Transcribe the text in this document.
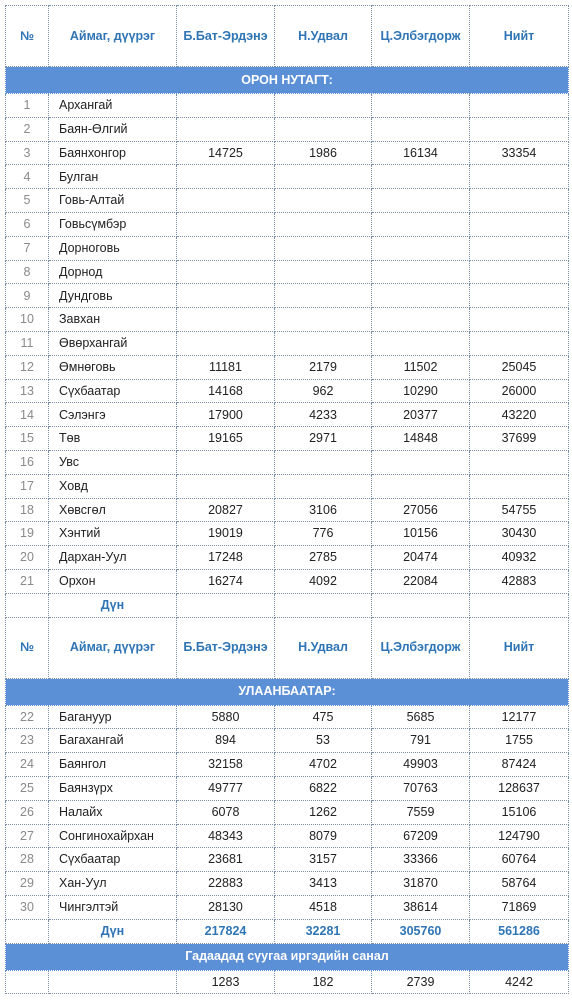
№	Аймаг, дүүрэг	Б.Бат-Эрдэнэ	Н.Удвал	Ц.Элбэгдорж	Нийт
ОРОН НУТАГТ:					
1	Архангай				
2	Баян-Өлгий				
3	Баянхонгор	14725	1986	16134	33354
4	Булган				
5	Говь-Алтай				
6	Говьсүмбэр				
7	Дорноговь				
8	Дорнод				
9	Дундговь				
10	Завхан				
11	Өвөрхангай				
12	Өмнөговь	11181	2179	11502	25045
13	Сүхбаатар	14168	962	10290	26000
14	Сэлэнгэ	17900	4233	20377	43220
15	Төв	19165	2971	14848	37699
16	Увс				
17	Ховд				
18	Хөвсгөл	20827	3106	27056	54755
19	Хэнтий	19019	776	10156	30430
20	Дархан-Уул	17248	2785	20474	40932
21	Орхон	16274	4092	22084	42883
	Дүн				
№	Аймаг, дүүрэг	Б.Бат-Эрдэнэ	Н.Удвал	Ц.Элбэгдорж	Нийт
УЛААНБААТАР:					
22	Багануур	5880	475	5685	12177
23	Багахангай	894	53	791	1755
24	Баянгол	32158	4702	49903	87424
25	Баянзүрх	49777	6822	70763	128637
26	Налайх	6078	1262	7559	15106
27	Сонгинохайрхан	48343	8079	67209	124790
28	Сүхбаатар	23681	3157	33366	60764
29	Хан-Уул	22883	3413	31870	58764
30	Чингэлтэй	28130	4518	38614	71869
	Дүн	217824	32281	305760	561286
Гадаадад сүугаа иргэдийн санал					
		1283	182	2739	4242
